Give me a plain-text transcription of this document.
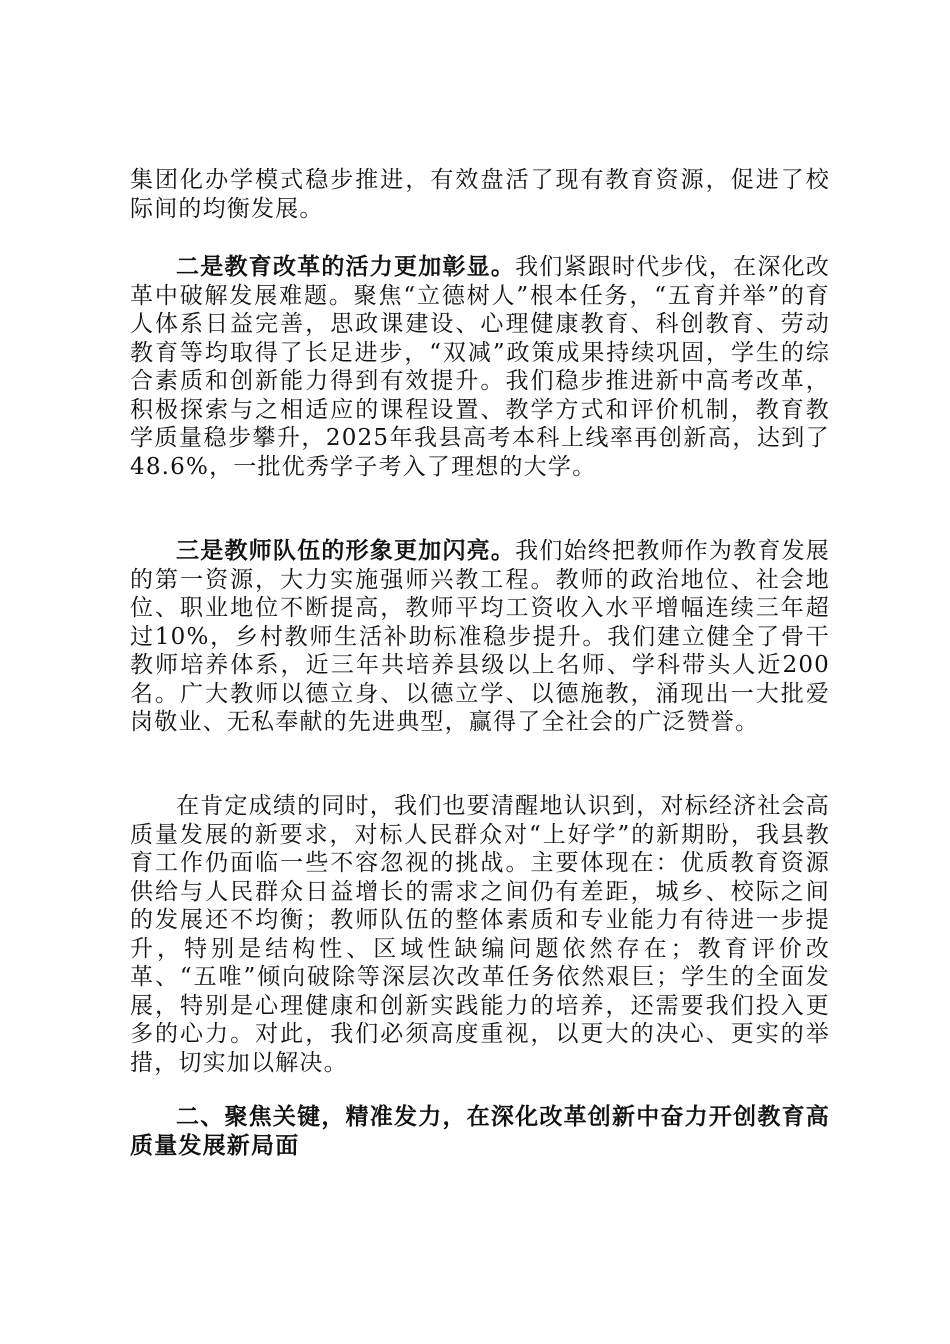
集团化办学模式稳步推进，有效盘活了现有教育资源，促进了校际间的均衡发展。

二是教育改革的活力更加彰显。我们紧跟时代步伐，在深化改革中破解发展难题。聚焦“立德树人”根本任务，“五育并举”的育人体系日益完善，思政课建设、心理健康教育、科创教育、劳动教育等均取得了长足进步，“双减”政策成果持续巩固，学生的综合素质和创新能力得到有效提升。我们稳步推进新中高考改革，积极探索与之相适应的课程设置、教学方式和评价机制，教育教学质量稳步攀升，2025年我县高考本科上线率再创新高，达到了48.6%，一批优秀学子考入了理想的大学。

三是教师队伍的形象更加闪亮。我们始终把教师作为教育发展的第一资源，大力实施强师兴教工程。教师的政治地位、社会地位、职业地位不断提高，教师平均工资收入水平增幅连续三年超过10%，乡村教师生活补助标准稳步提升。我们建立健全了骨干教师培养体系，近三年共培养县级以上名师、学科带头人近200名。广大教师以德立身、以德立学、以德施教，涌现出一大批爱岗敬业、无私奉献的先进典型，赢得了全社会的广泛赞誉。

在肯定成绩的同时，我们也要清醒地认识到，对标经济社会高质量发展的新要求，对标人民群众对“上好学”的新期盼，我县教育工作仍面临一些不容忽视的挑战。主要体现在：优质教育资源供给与人民群众日益增长的需求之间仍有差距，城乡、校际之间的发展还不均衡；教师队伍的整体素质和专业能力有待进一步提升，特别是结构性、区域性缺编问题依然存在；教育评价改革、“五唯”倾向破除等深层次改革任务依然艰巨；学生的全面发展，特别是心理健康和创新实践能力的培养，还需要我们投入更多的心力。对此，我们必须高度重视，以更大的决心、更实的举措，切实加以解决。

二、聚焦关键，精准发力，在深化改革创新中奋力开创教育高质量发展新局面
